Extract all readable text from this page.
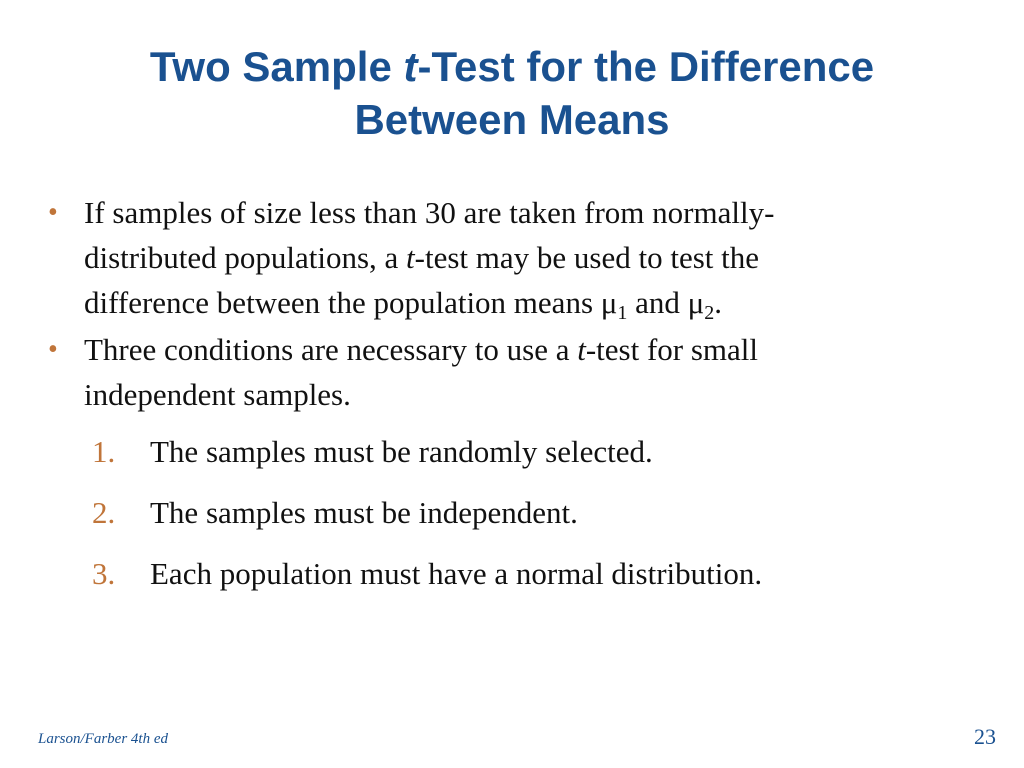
Two Sample t-Test for the Difference
Between Means
• If samples of size less than 30 are taken from normally-
distributed populations, a t-test may be used to test the
difference between the population means $\mu_1$ and $\mu_2$.
• Three conditions are necessary to use a t-test for small
independent samples.
1. The samples must be randomly selected.
2. The samples must be independent.
3. Each population must have a normal distribution.
Larson/Farber 4th ed	23
